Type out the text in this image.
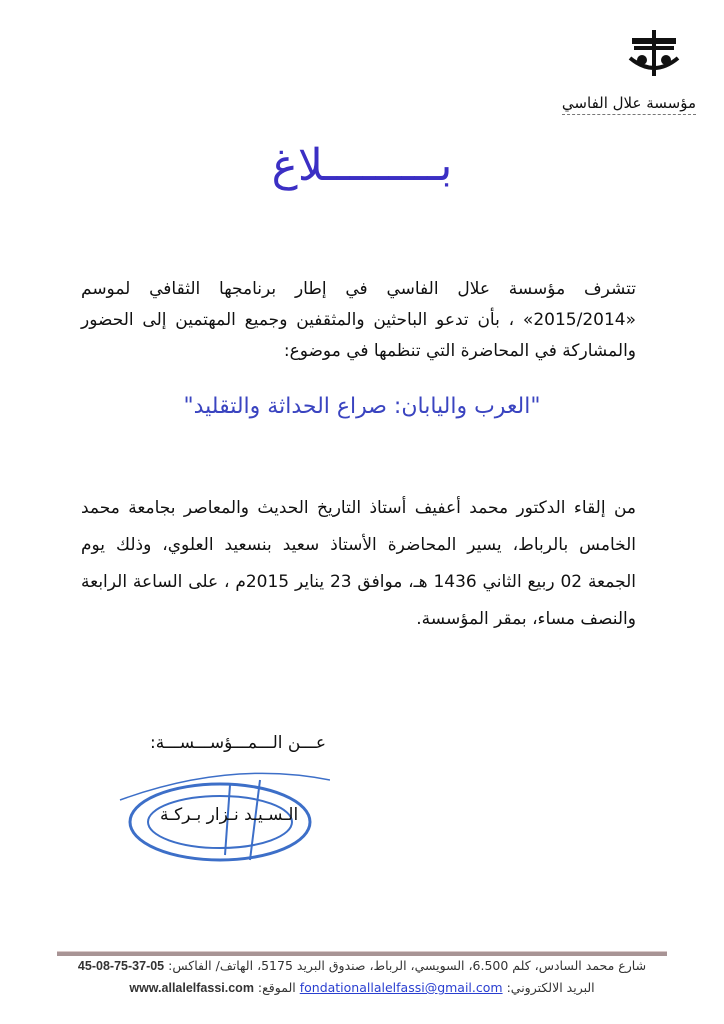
مؤسسة علال الفاسي
بـــــــــلاغ
تتشرف مؤسسة علال الفاسي في إطار برنامجها الثقافي لموسم «2015/2014» ، بأن تدعو الباحثين والمثقفين وجميع المهتمين إلى الحضور والمشاركة في المحاضرة التي تنظمها في موضوع:
"العرب واليابان: صراع الحداثة والتقليد"
من إلقاء الدكتور محمد أعفيف أستاذ التاريخ الحديث والمعاصر بجامعة محمد الخامس بالرباط، يسير المحاضرة الأستاذ سعيد بنسعيد العلوي، وذلك يوم الجمعة 02 ربيع الثاني 1436 هـ، موافق 23 يناير 2015م ، على الساعة الرابعة والنصف مساء، بمقر المؤسسة.
عـــن الـــمـــؤســـســـة:
الـسـيـد نـزار بـركـة
شارع محمد السادس، كلم 6.500، السويسي، الرباط، صندوق البريد 5175، الهاتف/ الفاكس: 05-37-75-08-45
البريد الالكتروني: fondationallalelfassi@gmail.com الموقع: www.allalelfassi.com
